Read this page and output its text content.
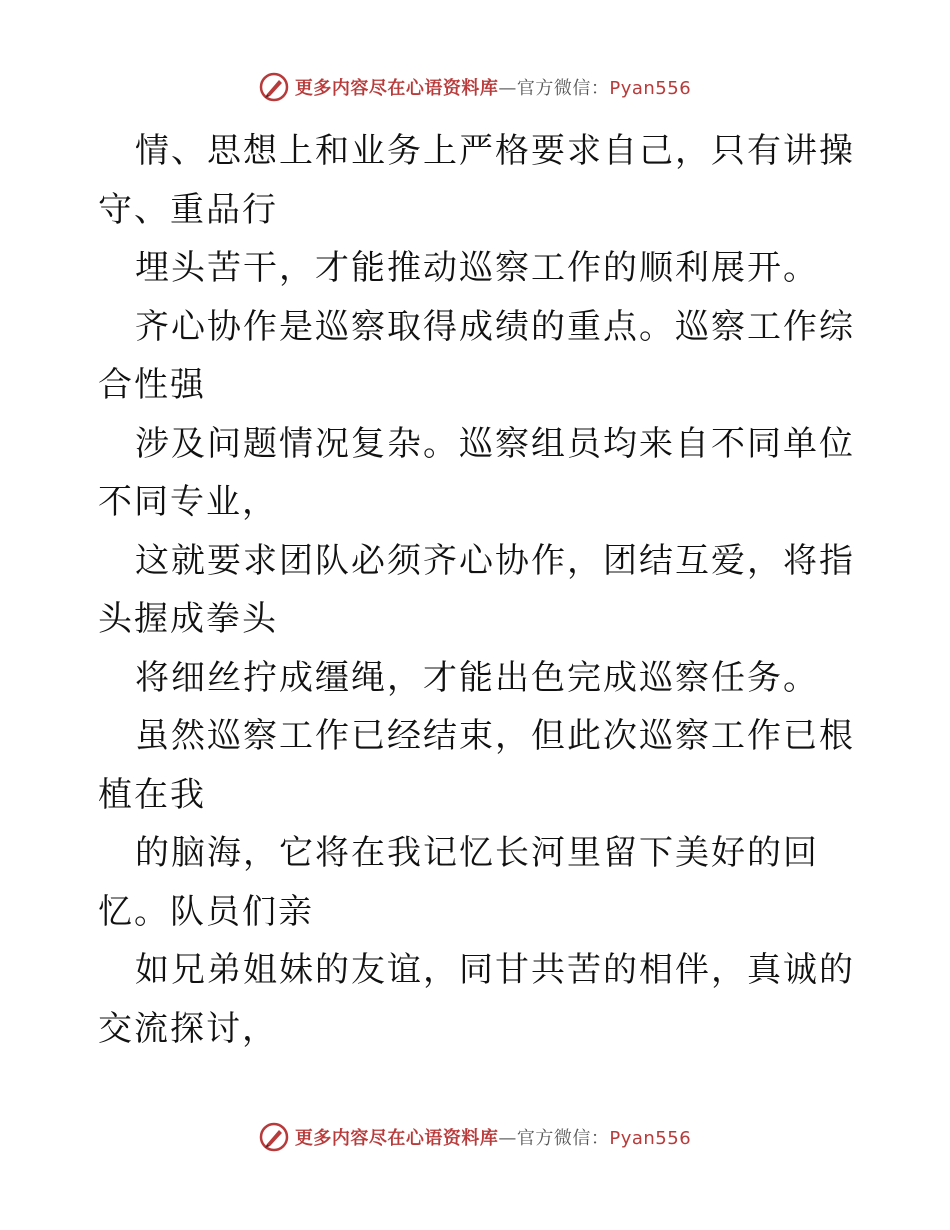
更多内容尽在心语资料库—官方微信：Pyan556

情、思想上和业务上严格要求自己，只有讲操守、重品行

埋头苦干，才能推动巡察工作的顺利展开。

齐心协作是巡察取得成绩的重点。巡察工作综合性强

涉及问题情况复杂。巡察组员均来自不同单位不同专业，

这就要求团队必须齐心协作，团结互爱，将指头握成拳头

将细丝拧成缰绳，才能出色完成巡察任务。

虽然巡察工作已经结束，但此次巡察工作已根植在我

的脑海，它将在我记忆长河里留下美好的回忆。队员们亲

如兄弟姐妹的友谊，同甘共苦的相伴，真诚的交流探讨，

更多内容尽在心语资料库—官方微信：Pyan556
